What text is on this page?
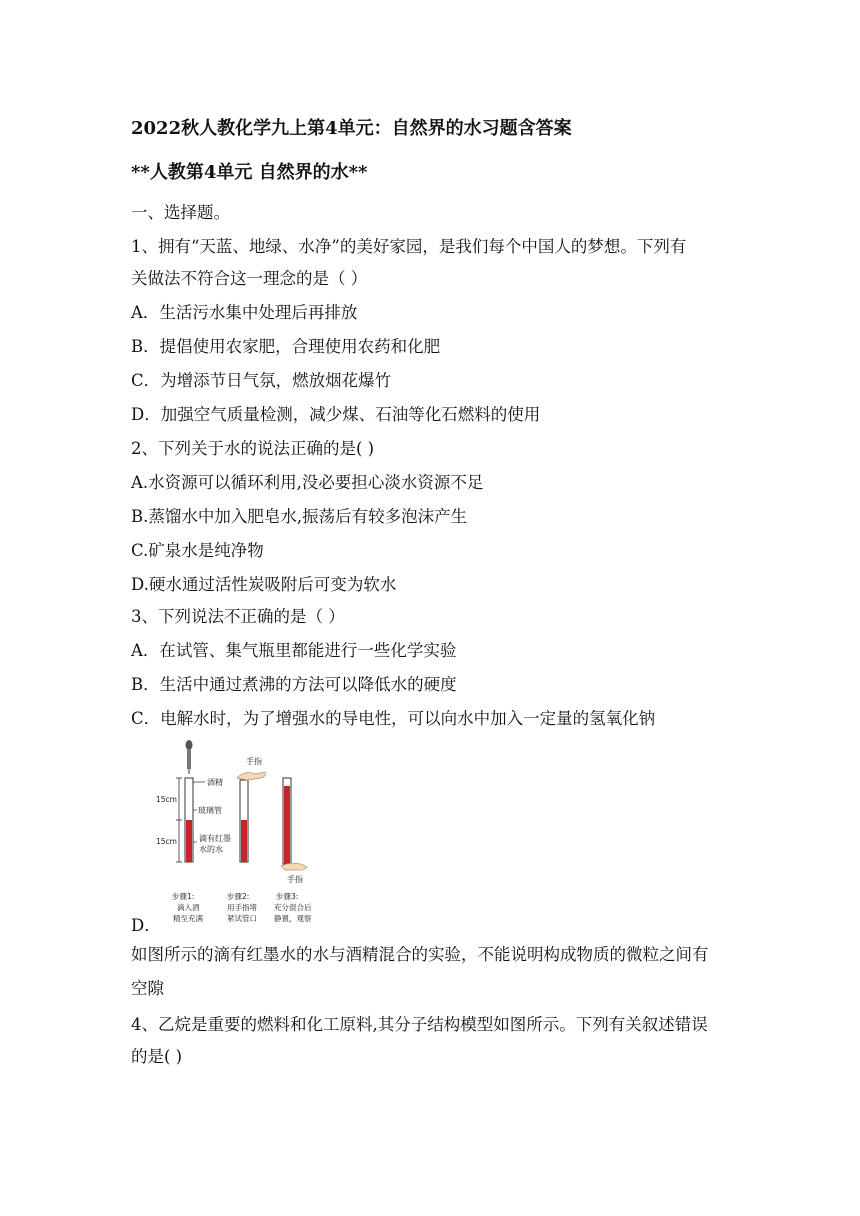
2022秋人教化学九上第4单元：自然界的水习题含答案
**人教第4单元 自然界的水**
一、选择题。
1、拥有“天蓝、地绿、水净”的美好家园，是我们每个中国人的梦想。下列有
关做法不符合这一理念的是（ ）
A．生活污水集中处理后再排放
B．提倡使用农家肥，合理使用农药和化肥
C．为增添节日气氛，燃放烟花爆竹
D．加强空气质量检测，减少煤、石油等化石燃料的使用
2、下列关于水的说法正确的是( )
A.水资源可以循环利用,没必要担心淡水资源不足
B.蒸馏水中加入肥皂水,振荡后有较多泡沫产生
C.矿泉水是纯净物
D.硬水通过活性炭吸附后可变为软水
3、下列说法不正确的是（ ）
A．在试管、集气瓶里都能进行一些化学实验
B．生活中通过煮沸的方法可以降低水的硬度
C．电解水时，为了增强水的导电性，可以向水中加入一定量的氢氧化钠
15cm
15cm
酒精
玻璃管
滴有红墨
水的水
手指
手指
步骤1:
滴入酒
精至充满
步骤2:
用手指堵
紧试管口
步骤3:
充分混合后
静置，观察
D．
如图所示的滴有红墨水的水与酒精混合的实验，不能说明构成物质的微粒之间有
空隙
4、乙烷是重要的燃料和化工原料,其分子结构模型如图所示。下列有关叙述错误
的是( )
